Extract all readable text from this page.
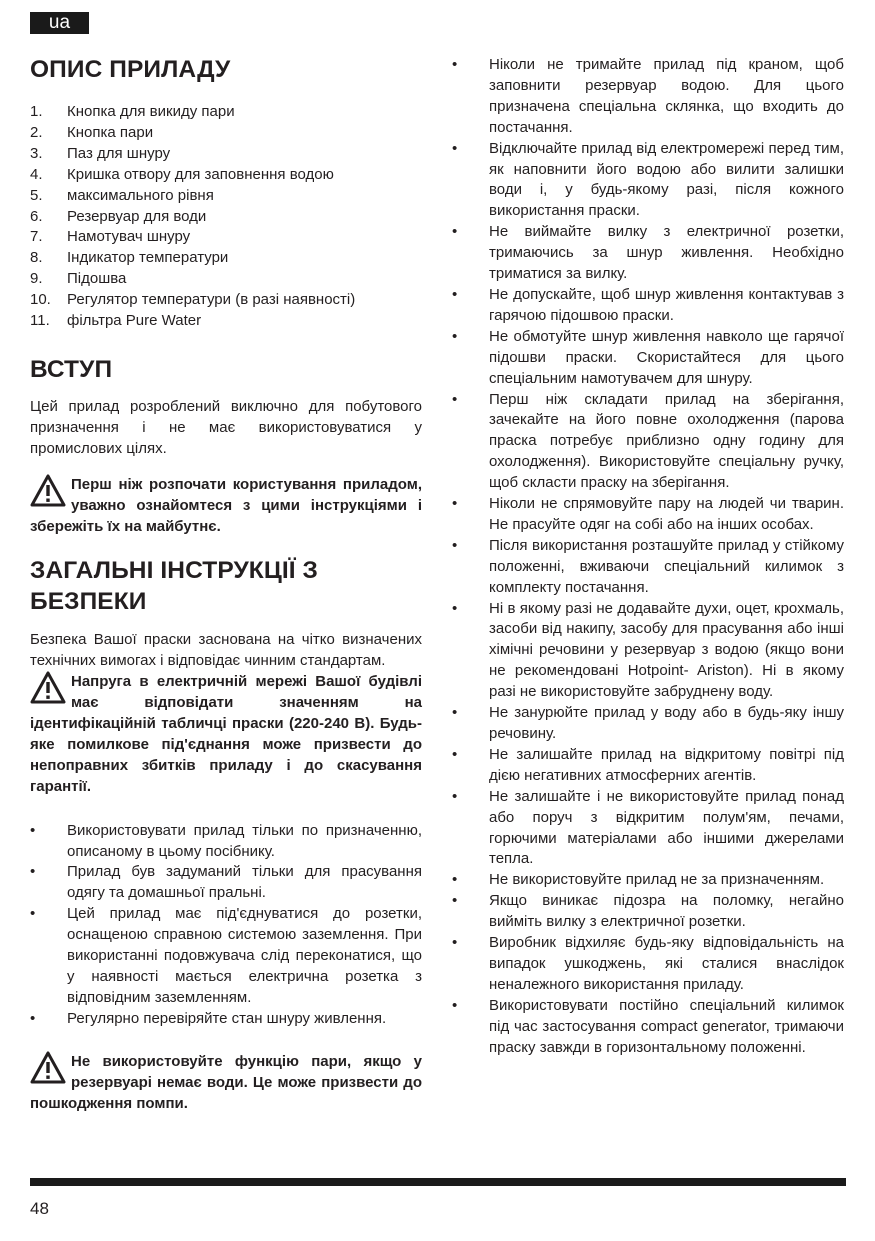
ua
ОПИС ПРИЛАДУ
1.	Кнопка для викиду пари
2.	Кнопка пари
3.	Паз для шнуру
4.	Кришка отвору для заповнення водою
5.	максимального рівня
6.	Резервуар для води
7.	Намотувач шнуру
8.	Індикатор температури
9.	Підошва
10.	Регулятор температури (в разі наявності)
11.	фільтра Pure Water
ВСТУП

Цей прилад розроблений виключно для побутового призначення і не має використовуватися у промислових цілях.

Перш ніж розпочати користування приладом, уважно ознайомтеся з цими інструкціями і збережіть їх на майбутнє.
ЗАГАЛЬНІ ІНСТРУКЦІЇ З БЕЗПЕКИ

Безпека Вашої праски заснована на чітко визначених технічних вимогах і відповідає чинним стандартам.

Напруга в електричній мережі Вашої будівлі має відповідати значенням на ідентифікаційній табличці праски (220-240 В). Будь-яке помилкове під'єднання може призвести до непоправних збитків приладу і до скасування гарантії.
•	Використовувати прилад тільки по призначенню, описаному в цьому посібнику.
•	Прилад був задуманий тільки для прасування одягу та домашньої пральні.
•	Цей прилад має під'єднуватися до розетки, оснащеною справною системою заземлення. При використанні подовжувача слід переконатися, що у наявності мається електрична розетка з відповідним заземленням.
•	Регулярно перевіряйте стан шнуру живлення.
Не використовуйте функцію пари, якщо у резервуарі немає води. Це може призвести до пошкодження помпи.
•	Ніколи не тримайте прилад під краном, щоб заповнити резервуар водою. Для цього призначена спеціальна склянка, що входить до постачання.
•	Відключайте прилад від електромережі перед тим, як наповнити його водою або вилити залишки води і, у будь-якому разі, після кожного використання праски.
•	Не виймайте вилку з електричної розетки, тримаючись за шнур живлення. Необхідно триматися за вилку.
•	Не допускайте, щоб шнур живлення контактував з гарячою підошвою праски.
•	Не обмотуйте шнур живлення навколо ще гарячої підошви праски. Скористайтеся для цього спеціальним намотувачем для шнуру.
•	Перш ніж складати прилад на зберігання, зачекайте на його повне охолодження (парова праска потребує приблизно одну годину для охолодження). Використовуйте спеціальну ручку, щоб скласти праску на зберігання.
•	Ніколи не спрямовуйте пару на людей чи тварин. Не прасуйте одяг на собі або на інших особах.
•	Після використання розташуйте прилад у стійкому положенні, вживаючи спеціальний килимок з комплекту постачання.
•	Ні в якому разі не додавайте духи, оцет, крохмаль, засоби від накипу, засобу для прасування або інші хімічні речовини у резервуар з водою (якщо вони не рекомендовані Hotpoint- Ariston). Ні в якому разі не використовуйте забруднену воду.
•	Не занурюйте прилад у воду або в будь-яку іншу речовину.
•	Не залишайте прилад на відкритому повітрі під дією негативних атмосферних агентів.
•	Не залишайте і не використовуйте прилад понад або поруч з відкритим полум'ям, печами, горючими матеріалами або іншими джерелами тепла.
•	Не використовуйте прилад не за призначенням.
•	Якщо виникає підозра на поломку, негайно вийміть вилку з електричної розетки.
•	Виробник відхиляє будь-яку відповідальність на випадок ушкоджень, які сталися внаслідок неналежного використання приладу.
•	Використовувати постійно спеціальний килимок під час застосування compact generator, тримаючи праску завжди в горизонтальному положенні.
48
